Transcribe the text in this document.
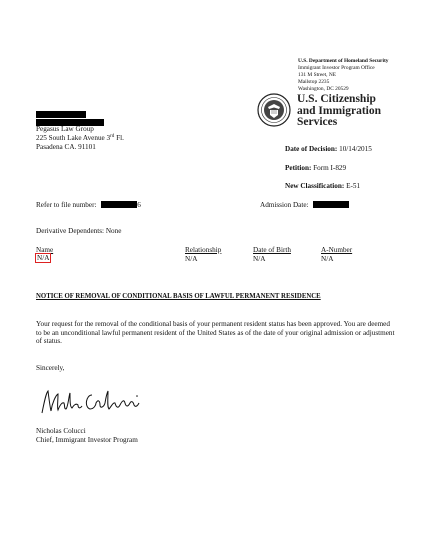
U.S. Department of Homeland Security
Immigrant Investor Program Office
131 M Street, NE
Mailstop 2235
Washington, DC 20529
U.S. Citizenship
and Immigration
Services
Pegasus Law Group
225 South Lake Avenue 3rd Fl.
Pasadena CA. 91101	Date of Decision: 10/14/2015
Petition: Form I-829
New Classification: E-51
Refer to file number:	6	Admission Date:
Derivative Dependents: None
Name	Relationship	Date of Birth	A-Number
N/A	N/A	N/A	N/A
NOTICE OF REMOVAL OF CONDITIONAL BASIS OF LAWFUL PERMANENT RESIDENCE
Your request for the removal of the conditional basis of your permanent resident status has been approved. You are deemed to be an unconditional lawful permanent resident of the United States as of the date of your original admission or adjustment of status.
Sincerely,
Nicholas Colucci
Chief, Immigrant Investor Program
